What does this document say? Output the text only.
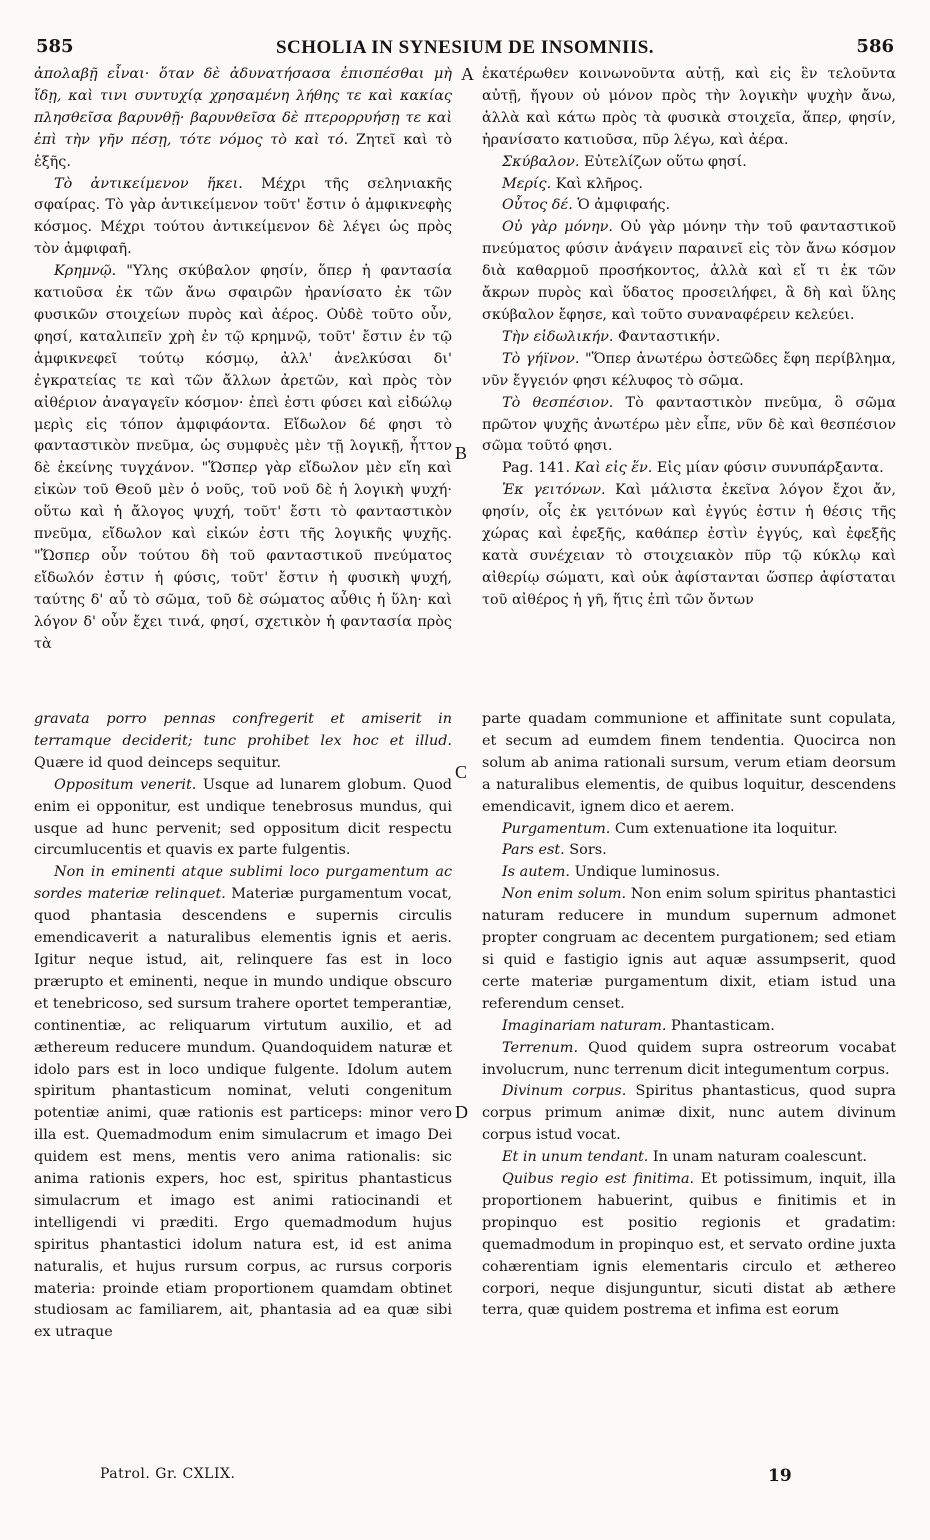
585	SCHOLIA IN SYNESIUM DE INSOMNIIS.	586

ἀπολαβῇ εἶναι· ὅταν δὲ ἀδυνατήσασα ἐπισπέσθαι μὴ ἴδῃ, καὶ τινι συντυχίᾳ χρησαμένη λήθης τε καὶ κακίας πλησθεῖσα βαρυνθῇ· βαρυνθεῖσα δὲ πτερορρυήσῃ τε καὶ ἐπὶ τὴν γῆν πέσῃ, τότε νόμος τὸ καὶ τό. Ζητεῖ καὶ τὸ ἑξῆς.

Τὸ ἀντικείμενον ἥκει. Μέχρι τῆς σεληνιακῆς σφαίρας. Τὸ γὰρ ἀντικείμενον τοῦτ' ἔστιν ὁ ἀμφικνεφὴς κόσμος. Μέχρι τούτου ἀντικείμενον δὲ λέγει ὡς πρὸς τὸν ἀμφιφαῆ.

Κρημνῷ. "Υλης σκύβαλον φησίν, ὅπερ ἡ φαντασία κατιοῦσα ἐκ τῶν ἄνω σφαιρῶν ἠρανίσατο ἐκ τῶν φυσικῶν στοιχείων πυρὸς καὶ ἀέρος. Οὐδὲ τοῦτο οὖν, φησί, καταλιπεῖν χρὴ ἐν τῷ κρημνῷ, τοῦτ' ἔστιν ἐν τῷ ἀμφικνεφεῖ τούτῳ κόσμῳ, ἀλλ' ἀνελκύσαι δι' ἐγκρατείας τε καὶ τῶν ἄλλων ἀρετῶν, καὶ πρὸς τὸν αἰθέριον ἀναγαγεῖν κόσμον· ἐπεὶ ἐστι φύσει καὶ εἰδώλῳ μερὶς εἰς τόπον ἀμφιφάοντα. Εἴδωλον δέ φησι τὸ φανταστικὸν πνεῦμα, ὡς συμφυὲς μὲν τῇ λογικῇ, ἧττον δὲ ἐκείνης τυγχάνον. "Ὥσπερ γὰρ εἴδωλον μὲν εἴη καὶ εἰκὼν τοῦ Θεοῦ μὲν ὁ νοῦς, τοῦ νοῦ δὲ ἡ λογικὴ ψυχή· οὕτω καὶ ἡ ἄλογος ψυχή, τοῦτ' ἔστι τὸ φανταστικὸν πνεῦμα, εἴδωλον καὶ εἰκών ἐστι τῆς λογικῆς ψυχῆς. "Ὥσπερ οὖν τούτου δὴ τοῦ φανταστικοῦ πνεύματος εἴδωλόν ἐστιν ἡ φύσις, τοῦτ' ἔστιν ἡ φυσικὴ ψυχή, ταύτης δ' αὖ τὸ σῶμα, τοῦ δὲ σώματος αὖθις ἡ ὕλη· καὶ λόγον δ' οὖν ἔχει τινά, φησί, σχετικὸν ἡ φαντασία πρὸς τὰ

ἑκατέρωθεν κοινωνοῦντα αὐτῇ, καὶ εἰς ἓν τελοῦντα αὐτῇ, ἤγουν οὐ μόνον πρὸς τὴν λογικὴν ψυχὴν ἄνω, ἀλλὰ καὶ κάτω πρὸς τὰ φυσικὰ στοιχεῖα, ἅπερ, φησίν, ἠρανίσατο κατιοῦσα, πῦρ λέγω, καὶ ἀέρα.

Σκύβαλον. Εὐτελίζων οὕτω φησί.

Μερίς. Καὶ κλῆρος.

Οὗτος δέ. Ὁ ἀμφιφαής.

Οὐ γὰρ μόνην. Οὐ γὰρ μόνην τὴν τοῦ φανταστικοῦ πνεύματος φύσιν ἀνάγειν παραινεῖ εἰς τὸν ἄνω κόσμον διὰ καθαρμοῦ προσήκοντος, ἀλλὰ καὶ εἴ τι ἐκ τῶν ἄκρων πυρὸς καὶ ὕδατος προσειλήφει, ἃ δὴ καὶ ὕλης σκύβαλον ἔφησε, καὶ τοῦτο συναναφέρειν κελεύει.

Τὴν εἰδωλικήν. Φανταστικήν.

Τὸ γήϊνον. "Ὅπερ ἀνωτέρω ὀστεῶδες ἔφη περίβλημα, νῦν ἔγγειόν φησι κέλυφος τὸ σῶμα.

Τὸ θεσπέσιον. Τὸ φανταστικὸν πνεῦμα, ὃ σῶμα πρῶτον ψυχῆς ἀνωτέρω μὲν εἶπε, νῦν δὲ καὶ θεσπέσιον σῶμα τοῦτό φησι.

Pag. 141. Καὶ εἰς ἕν. Εἰς μίαν φύσιν συνυπάρξαντα.

Ἐκ γειτόνων. Καὶ μάλιστα ἐκεῖνα λόγον ἔχοι ἄν, φησίν, οἷς ἐκ γειτόνων καὶ ἐγγύς ἐστιν ἡ θέσις τῆς χώρας καὶ ἐφεξῆς, καθάπερ ἐστὶν ἐγγύς, καὶ ἐφεξῆς κατὰ συνέχειαν τὸ στοιχειακὸν πῦρ τῷ κύκλῳ καὶ αἰθερίῳ σώματι, καὶ οὐκ ἀφίστανται ὥσπερ ἀφίσταται τοῦ αἰθέρος ἡ γῆ, ἥτις ἐπὶ τῶν ὄντων

gravata porro pennas confregerit et amiserit in terramque deciderit; tunc prohibet lex hoc et illud. Quære id quod deinceps sequitur.

Oppositum venerit. Usque ad lunarem globum. Quod enim ei opponitur, est undique tenebrosus mundus, qui usque ad hunc pervenit; sed oppositum dicit respectu circumlucentis et quavis ex parte fulgentis.

Non in eminenti atque sublimi loco purgamentum ac sordes materiæ relinquet. Materiæ purgamentum vocat, quod phantasia descendens e supernis circulis emendicaverit a naturalibus elementis ignis et aeris. Igitur neque istud, ait, relinquere fas est in loco prærupto et eminenti, neque in mundo undique obscuro et tenebricoso, sed sursum trahere oportet temperantiæ, continentiæ, ac reliquarum virtutum auxilio, et ad æthereum reducere mundum. Quandoquidem naturæ et idolo pars est in loco undique fulgente. Idolum autem spiritum phantasticum nominat, veluti congenitum potentiæ animi, quæ rationis est particeps: minor vero illa est. Quemadmodum enim simulacrum et imago Dei quidem est mens, mentis vero anima rationalis: sic anima rationis expers, hoc est, spiritus phantasticus simulacrum et imago est animi ratiocinandi et intelligendi vi præditi. Ergo quemadmodum hujus spiritus phantastici idolum natura est, id est anima naturalis, et hujus rursum corpus, ac rursus corporis materia: proinde etiam proportionem quamdam obtinet studiosam ac familiarem, ait, phantasia ad ea quæ sibi ex utraque

parte quadam communione et affinitate sunt copulata, et secum ad eumdem finem tendentia. Quocirca non solum ab anima rationali sursum, verum etiam deorsum a naturalibus elementis, de quibus loquitur, descendens emendicavit, ignem dico et aerem.

Purgamentum. Cum extenuatione ita loquitur.

Pars est. Sors.

Is autem. Undique luminosus.

Non enim solum. Non enim solum spiritus phantastici naturam reducere in mundum supernum admonet propter congruam ac decentem purgationem; sed etiam si quid e fastigio ignis aut aquæ assumpserit, quod certe materiæ purgamentum dixit, etiam istud una referendum censet.

Imaginariam naturam. Phantasticam.

Terrenum. Quod quidem supra ostreorum vocabat involucrum, nunc terrenum dicit integumentum corpus.

Divinum corpus. Spiritus phantasticus, quod supra corpus primum animæ dixit, nunc autem divinum corpus istud vocat.

Et in unum tendant. In unam naturam coalescunt.

Quibus regio est finitima. Et potissimum, inquit, illa proportionem habuerint, quibus e finitimis et in propinquo est positio regionis et gradatim: quemadmodum in propinquo est, et servato ordine juxta cohærentiam ignis elementaris circulo et æthereo corpori, neque disjunguntur, sicuti distat ab æthere terra, quæ quidem postrema et infima est eorum

A
B
C
D
Patrol. Gr. CXLIX.	19
